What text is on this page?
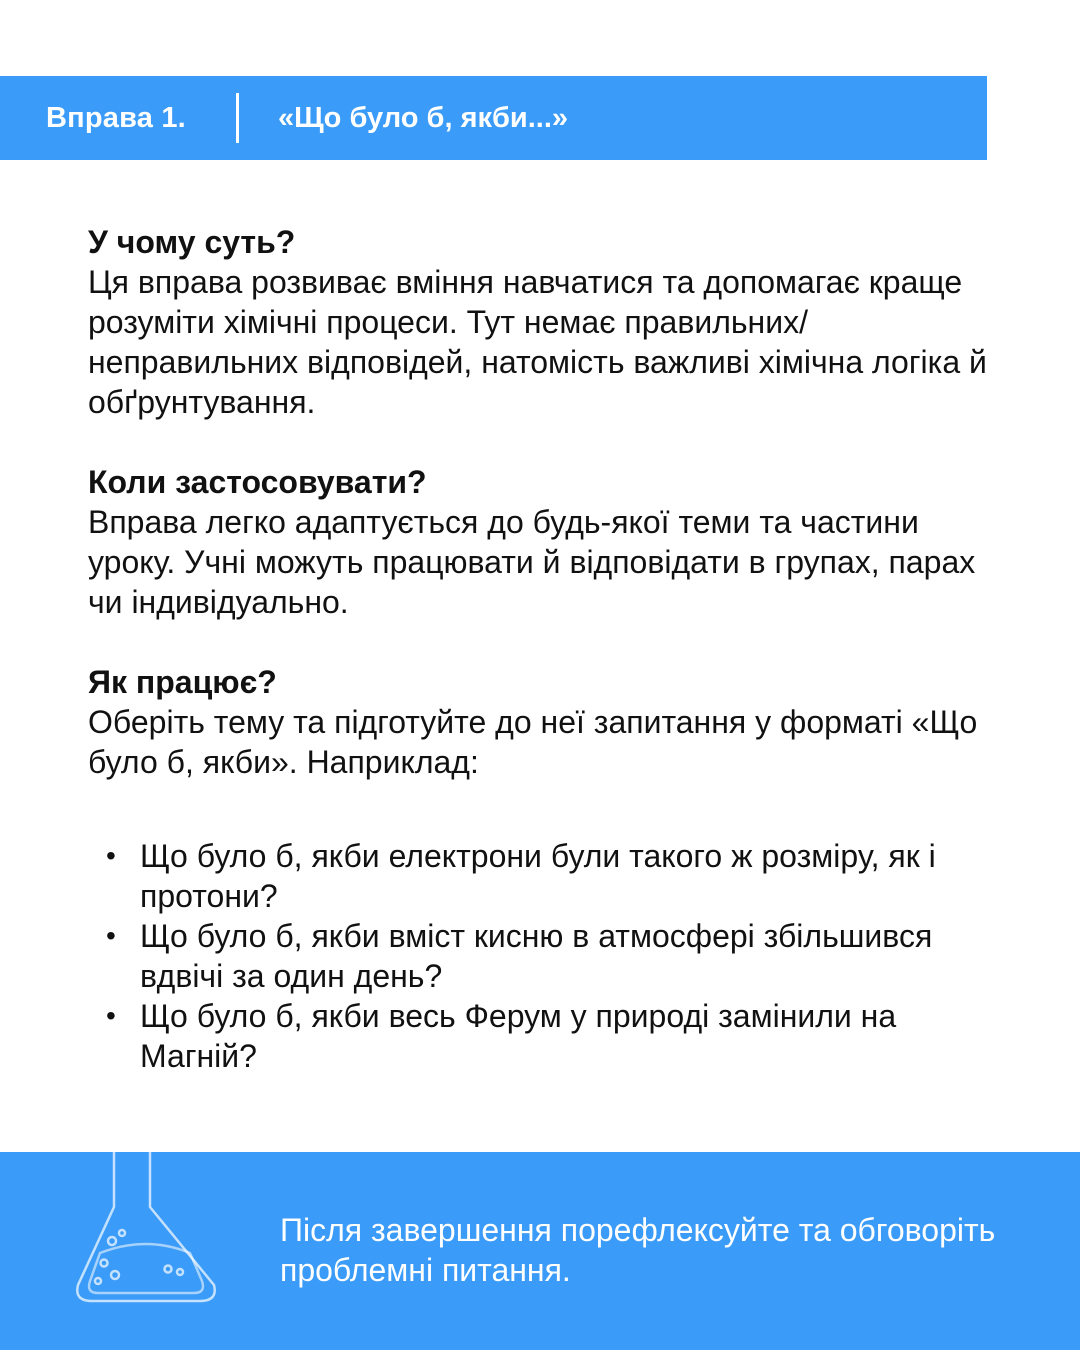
Вправа 1.	«Що було б, якби...»
У чому суть?

Ця вправа розвиває вміння навчатися та допомагає краще розуміти хімічні процеси. Тут немає правильних/неправильних відповідей, натомість важливі хімічна логіка й обґрунтування.

Коли застосовувати?

Вправа легко адаптується до будь-якої теми та частини уроку. Учні можуть працювати й відповідати в групах, парах чи індивідуально.

Як працює?

Оберіть тему та підготуйте до неї запитання у форматі «Що було б, якби». Наприклад:

• Що було б, якби електрони були такого ж розміру, як і протони?
• Що було б, якби вміст кисню в атмосфері збільшився вдвічі за один день?
• Що було б, якби весь Ферум у природі замінили на Магній?
Після завершення порефлексуйте та обговоріть проблемні питання.
